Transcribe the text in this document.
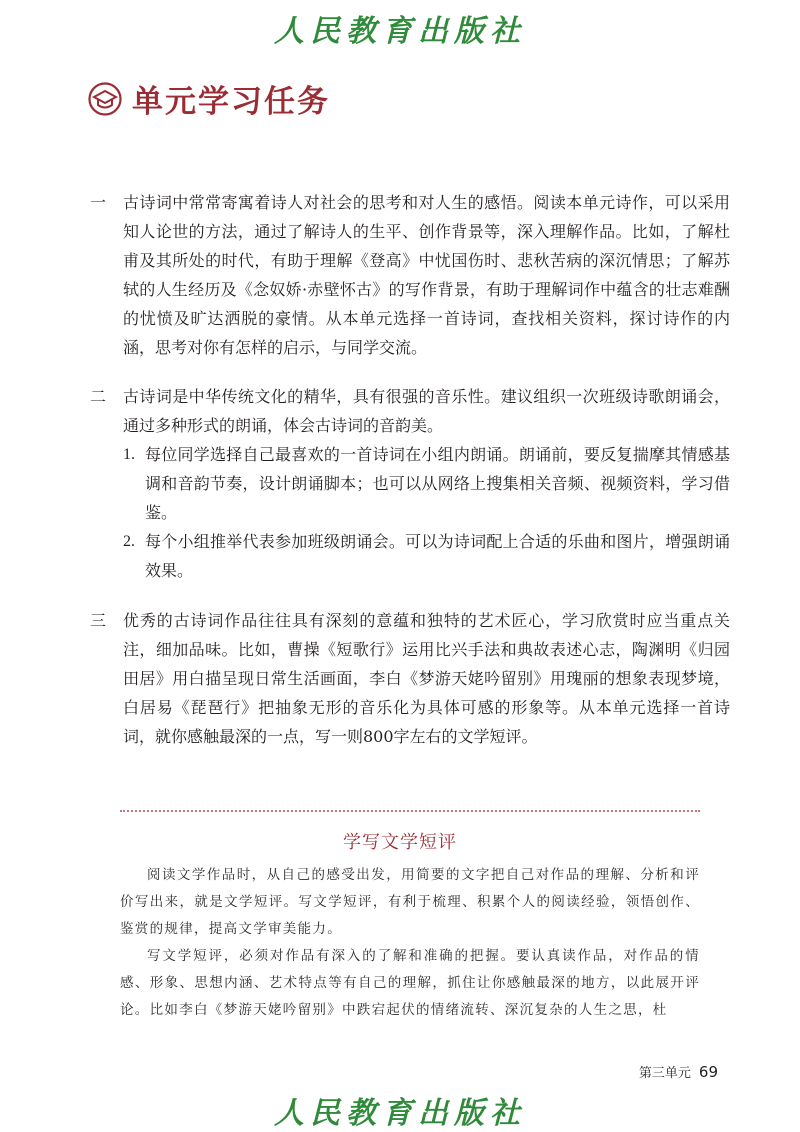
人民教育出版社
单元学习任务
一	古诗词中常常寄寓着诗人对社会的思考和对人生的感悟。阅读本单元诗作，可以采用知人论世的方法，通过了解诗人的生平、创作背景等，深入理解作品。比如，了解杜甫及其所处的时代，有助于理解《登高》中忧国伤时、悲秋苦病的深沉情思；了解苏轼的人生经历及《念奴娇·赤壁怀古》的写作背景，有助于理解词作中蕴含的壮志难酬的忧愤及旷达洒脱的豪情。从本单元选择一首诗词，查找相关资料，探讨诗作的内涵，思考对你有怎样的启示，与同学交流。
二	古诗词是中华传统文化的精华，具有很强的音乐性。建议组织一次班级诗歌朗诵会，通过多种形式的朗诵，体会古诗词的音韵美。
1. 每位同学选择自己最喜欢的一首诗词在小组内朗诵。朗诵前，要反复揣摩其情感基调和音韵节奏，设计朗诵脚本；也可以从网络上搜集相关音频、视频资料，学习借鉴。
2. 每个小组推举代表参加班级朗诵会。可以为诗词配上合适的乐曲和图片，增强朗诵效果。
三	优秀的古诗词作品往往具有深刻的意蕴和独特的艺术匠心，学习欣赏时应当重点关注，细加品味。比如，曹操《短歌行》运用比兴手法和典故表述心志，陶渊明《归园田居》用白描呈现日常生活画面，李白《梦游天姥吟留别》用瑰丽的想象表现梦境，白居易《琵琶行》把抽象无形的音乐化为具体可感的形象等。从本单元选择一首诗词，就你感触最深的一点，写一则800字左右的文学短评。
学写文学短评

阅读文学作品时，从自己的感受出发，用简要的文字把自己对作品的理解、分析和评价写出来，就是文学短评。写文学短评，有利于梳理、积累个人的阅读经验，领悟创作、鉴赏的规律，提高文学审美能力。

写文学短评，必须对作品有深入的了解和准确的把握。要认真读作品，对作品的情感、形象、思想内涵、艺术特点等有自己的理解，抓住让你感触最深的地方，以此展开评论。比如李白《梦游天姥吟留别》中跌宕起伏的情绪流转、深沉复杂的人生之思，杜

第三单元 69
人民教育出版社
